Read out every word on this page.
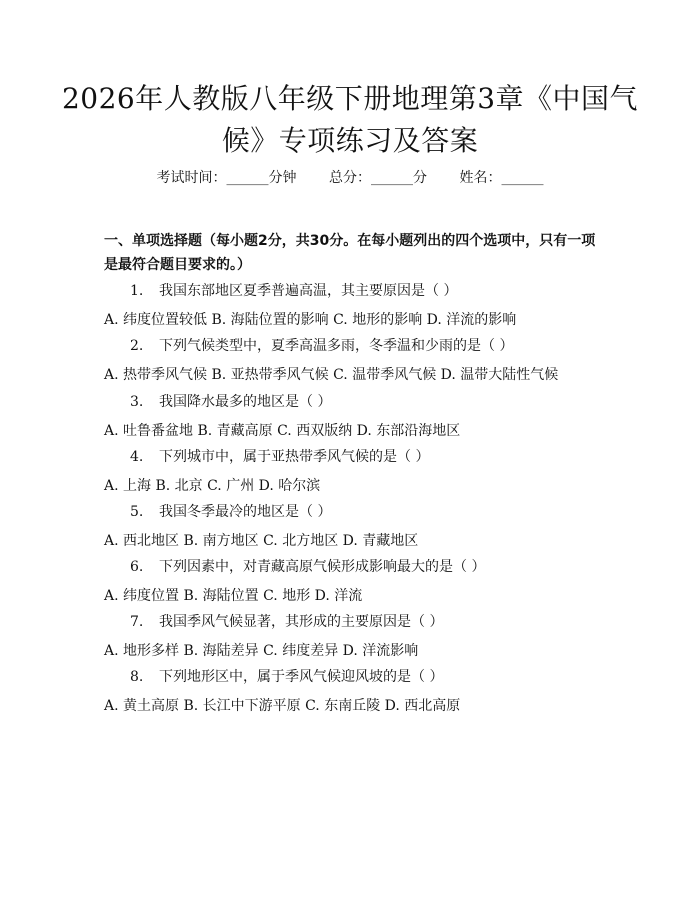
2026年人教版八年级下册地理第3章《中国气候》专项练习及答案
考试时间：______分钟 总分：______分 姓名：______

一、单项选择题（每小题2分，共30分。在每小题列出的四个选项中，只有一项是最符合题目要求的。）

1. 我国东部地区夏季普遍高温，其主要原因是（ ）
A. 纬度位置较低 B. 海陆位置的影响 C. 地形的影响 D. 洋流的影响
2. 下列气候类型中，夏季高温多雨，冬季温和少雨的是（ ）
A. 热带季风气候 B. 亚热带季风气候 C. 温带季风气候 D. 温带大陆性气候
3. 我国降水最多的地区是（ ）
A. 吐鲁番盆地 B. 青藏高原 C. 西双版纳 D. 东部沿海地区
4. 下列城市中，属于亚热带季风气候的是（ ）
A. 上海 B. 北京 C. 广州 D. 哈尔滨
5. 我国冬季最冷的地区是（ ）
A. 西北地区 B. 南方地区 C. 北方地区 D. 青藏地区
6. 下列因素中，对青藏高原气候形成影响最大的是（ ）
A. 纬度位置 B. 海陆位置 C. 地形 D. 洋流
7. 我国季风气候显著，其形成的主要原因是（ ）
A. 地形多样 B. 海陆差异 C. 纬度差异 D. 洋流影响
8. 下列地形区中，属于季风气候迎风坡的是（ ）
A. 黄土高原 B. 长江中下游平原 C. 东南丘陵 D. 西北高原
